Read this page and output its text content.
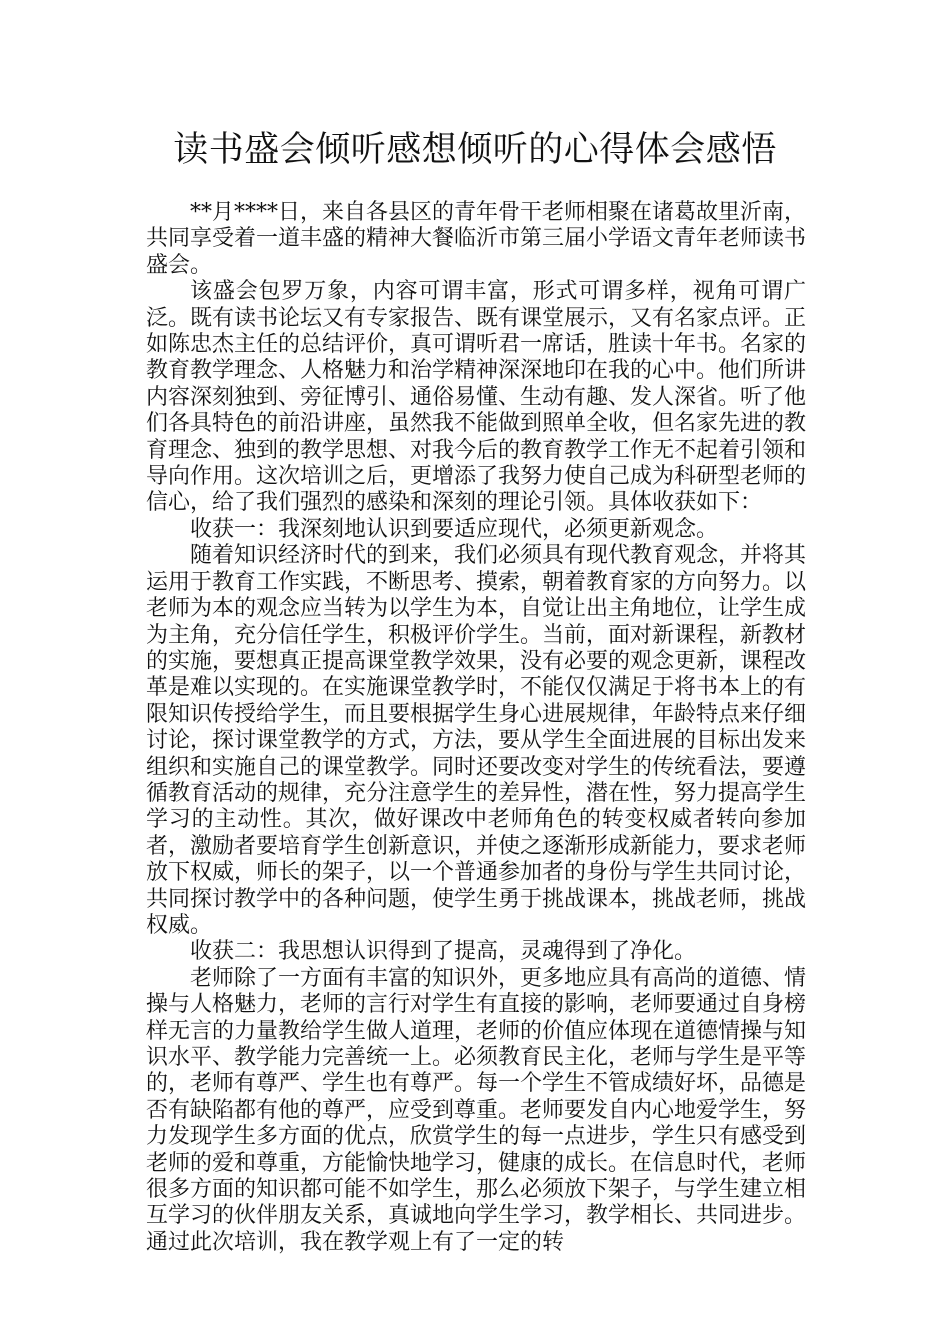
读书盛会倾听感想倾听的心得体会感悟

**月****日，来自各县区的青年骨干老师相聚在诸葛故里沂南，共同享受着一道丰盛的精神大餐临沂市第三届小学语文青年老师读书盛会。

该盛会包罗万象，内容可谓丰富，形式可谓多样，视角可谓广泛。既有读书论坛又有专家报告、既有课堂展示，又有名家点评。正如陈忠杰主任的总结评价，真可谓听君一席话，胜读十年书。名家的教育教学理念、人格魅力和治学精神深深地印在我的心中。他们所讲内容深刻独到、旁征博引、通俗易懂、生动有趣、发人深省。听了他们各具特色的前沿讲座，虽然我不能做到照单全收，但名家先进的教育理念、独到的教学思想、对我今后的教育教学工作无不起着引领和导向作用。这次培训之后，更增添了我努力使自己成为科研型老师的信心，给了我们强烈的感染和深刻的理论引领。具体收获如下：

收获一：我深刻地认识到要适应现代，必须更新观念。

随着知识经济时代的到来，我们必须具有现代教育观念，并将其运用于教育工作实践，不断思考、摸索，朝着教育家的方向努力。以老师为本的观念应当转为以学生为本，自觉让出主角地位，让学生成为主角，充分信任学生，积极评价学生。当前，面对新课程，新教材的实施，要想真正提高课堂教学效果，没有必要的观念更新，课程改革是难以实现的。在实施课堂教学时，不能仅仅满足于将书本上的有限知识传授给学生，而且要根据学生身心进展规律，年龄特点来仔细讨论，探讨课堂教学的方式，方法，要从学生全面进展的目标出发来组织和实施自己的课堂教学。同时还要改变对学生的传统看法，要遵循教育活动的规律，充分注意学生的差异性，潜在性，努力提高学生学习的主动性。其次，做好课改中老师角色的转变权威者转向参加者，激励者要培育学生创新意识，并使之逐渐形成新能力，要求老师放下权威，师长的架子，以一个普通参加者的身份与学生共同讨论，共同探讨教学中的各种问题，使学生勇于挑战课本，挑战老师，挑战权威。

收获二：我思想认识得到了提高，灵魂得到了净化。

老师除了一方面有丰富的知识外，更多地应具有高尚的道德、情操与人格魅力，老师的言行对学生有直接的影响，老师要通过自身榜样无言的力量教给学生做人道理，老师的价值应体现在道德情操与知识水平、教学能力完善统一上。必须教育民主化，老师与学生是平等的，老师有尊严、学生也有尊严。每一个学生不管成绩好坏，品德是否有缺陷都有他的尊严，应受到尊重。老师要发自内心地爱学生，努力发现学生多方面的优点，欣赏学生的每一点进步，学生只有感受到老师的爱和尊重，方能愉快地学习，健康的成长。在信息时代，老师很多方面的知识都可能不如学生，那么必须放下架子，与学生建立相互学习的伙伴朋友关系，真诚地向学生学习，教学相长、共同进步。通过此次培训，我在教学观上有了一定的转
